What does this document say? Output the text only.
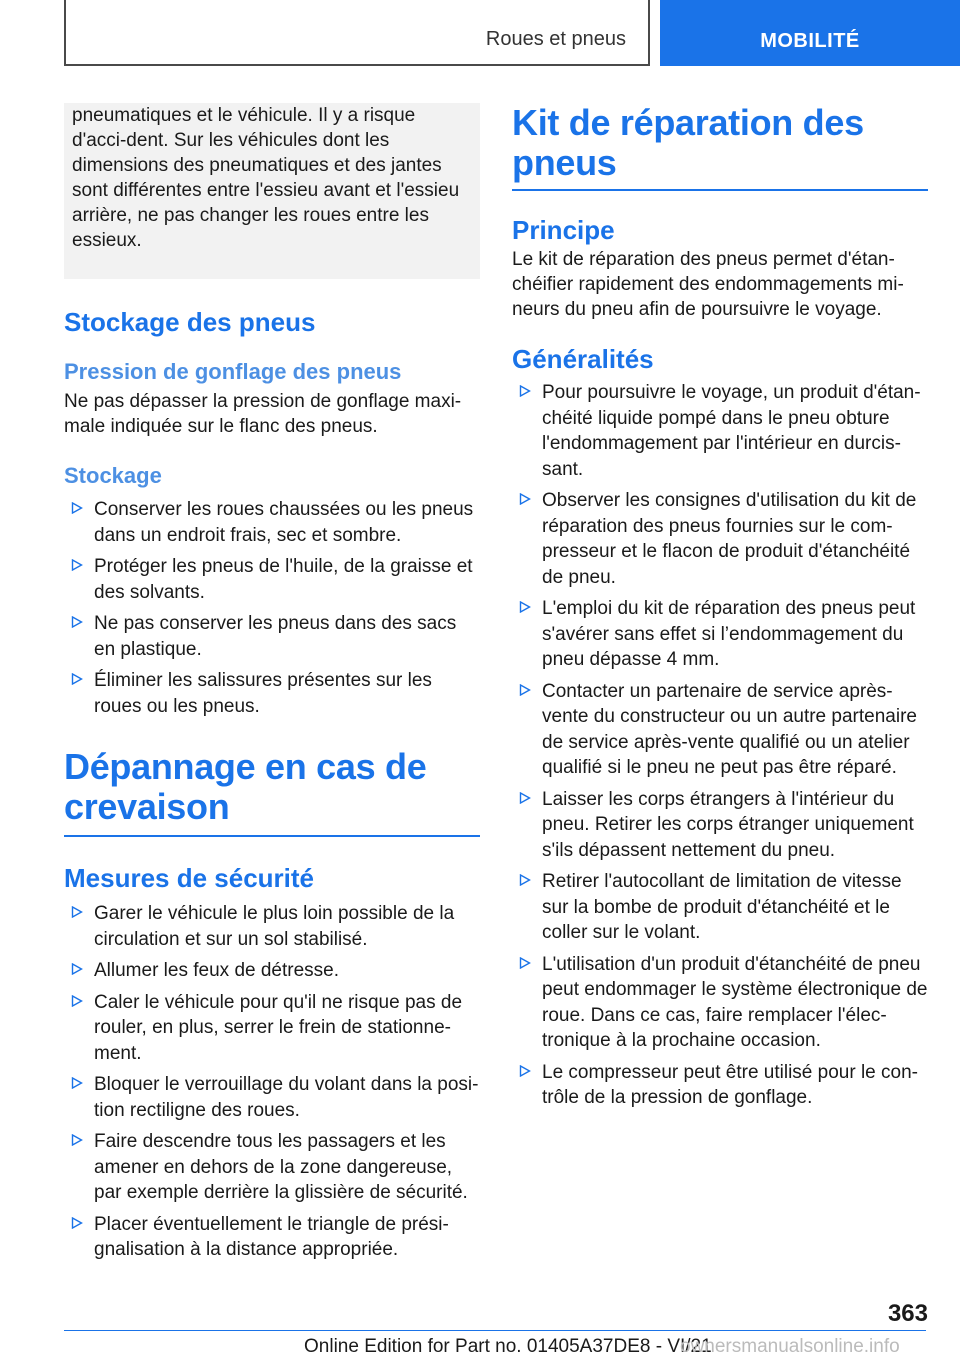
Roues et pneus	MOBILITÉ

pneumatiques et le véhicule. Il y a risque d'acci-dent. Sur les véhicules dont les dimensions des pneumatiques et des jantes sont différentes entre l'essieu avant et l'essieu arrière, ne pas changer les roues entre les essieux.

Stockage des pneus
Pression de gonflage des pneus

Ne pas dépasser la pression de gonflage maxi-male indiquée sur le flanc des pneus.

Stockage
Conserver les roues chaussées ou les pneus dans un endroit frais, sec et sombre.
Protéger les pneus de l'huile, de la graisse et des solvants.
Ne pas conserver les pneus dans des sacs en plastique.
Éliminer les salissures présentes sur les roues ou les pneus.
Dépannage en cas de crevaison
Mesures de sécurité
Garer le véhicule le plus loin possible de la circulation et sur un sol stabilisé.
Allumer les feux de détresse.
Caler le véhicule pour qu'il ne risque pas de rouler, en plus, serrer le frein de stationne-ment.
Bloquer le verrouillage du volant dans la posi-tion rectiligne des roues.
Faire descendre tous les passagers et les amener en dehors de la zone dangereuse, par exemple derrière la glissière de sécurité.
Placer éventuellement le triangle de prési-gnalisation à la distance appropriée.
Kit de réparation des pneus
Principe

Le kit de réparation des pneus permet d'étan-chéifier rapidement des endommagements mi-neurs du pneu afin de poursuivre le voyage.

Généralités
Pour poursuivre le voyage, un produit d'étan-chéité liquide pompé dans le pneu obture l'endommagement par l'intérieur en durcis-sant.
Observer les consignes d'utilisation du kit de réparation des pneus fournies sur le com-presseur et le flacon de produit d'étanchéité de pneu.
L'emploi du kit de réparation des pneus peut s'avérer sans effet si l’endommagement du pneu dépasse 4 mm.
Contacter un partenaire de service après-vente du constructeur ou un autre partenaire de service après-vente qualifié ou un atelier qualifié si le pneu ne peut pas être réparé.
Laisser les corps étrangers à l'intérieur du pneu. Retirer les corps étranger uniquement s'ils dépassent nettement du pneu.
Retirer l'autocollant de limitation de vitesse sur la bombe de produit d'étanchéité et le coller sur le volant.
L'utilisation d'un produit d'étanchéité de pneu peut endommager le système électronique de roue. Dans ce cas, faire remplacer l'élec-tronique à la prochaine occasion.
Le compresseur peut être utilisé pour le con-trôle de la pression de gonflage.
363
Online Edition for Part no. 01405A37DE8 - VI/21
ownersmanualsonline.info
